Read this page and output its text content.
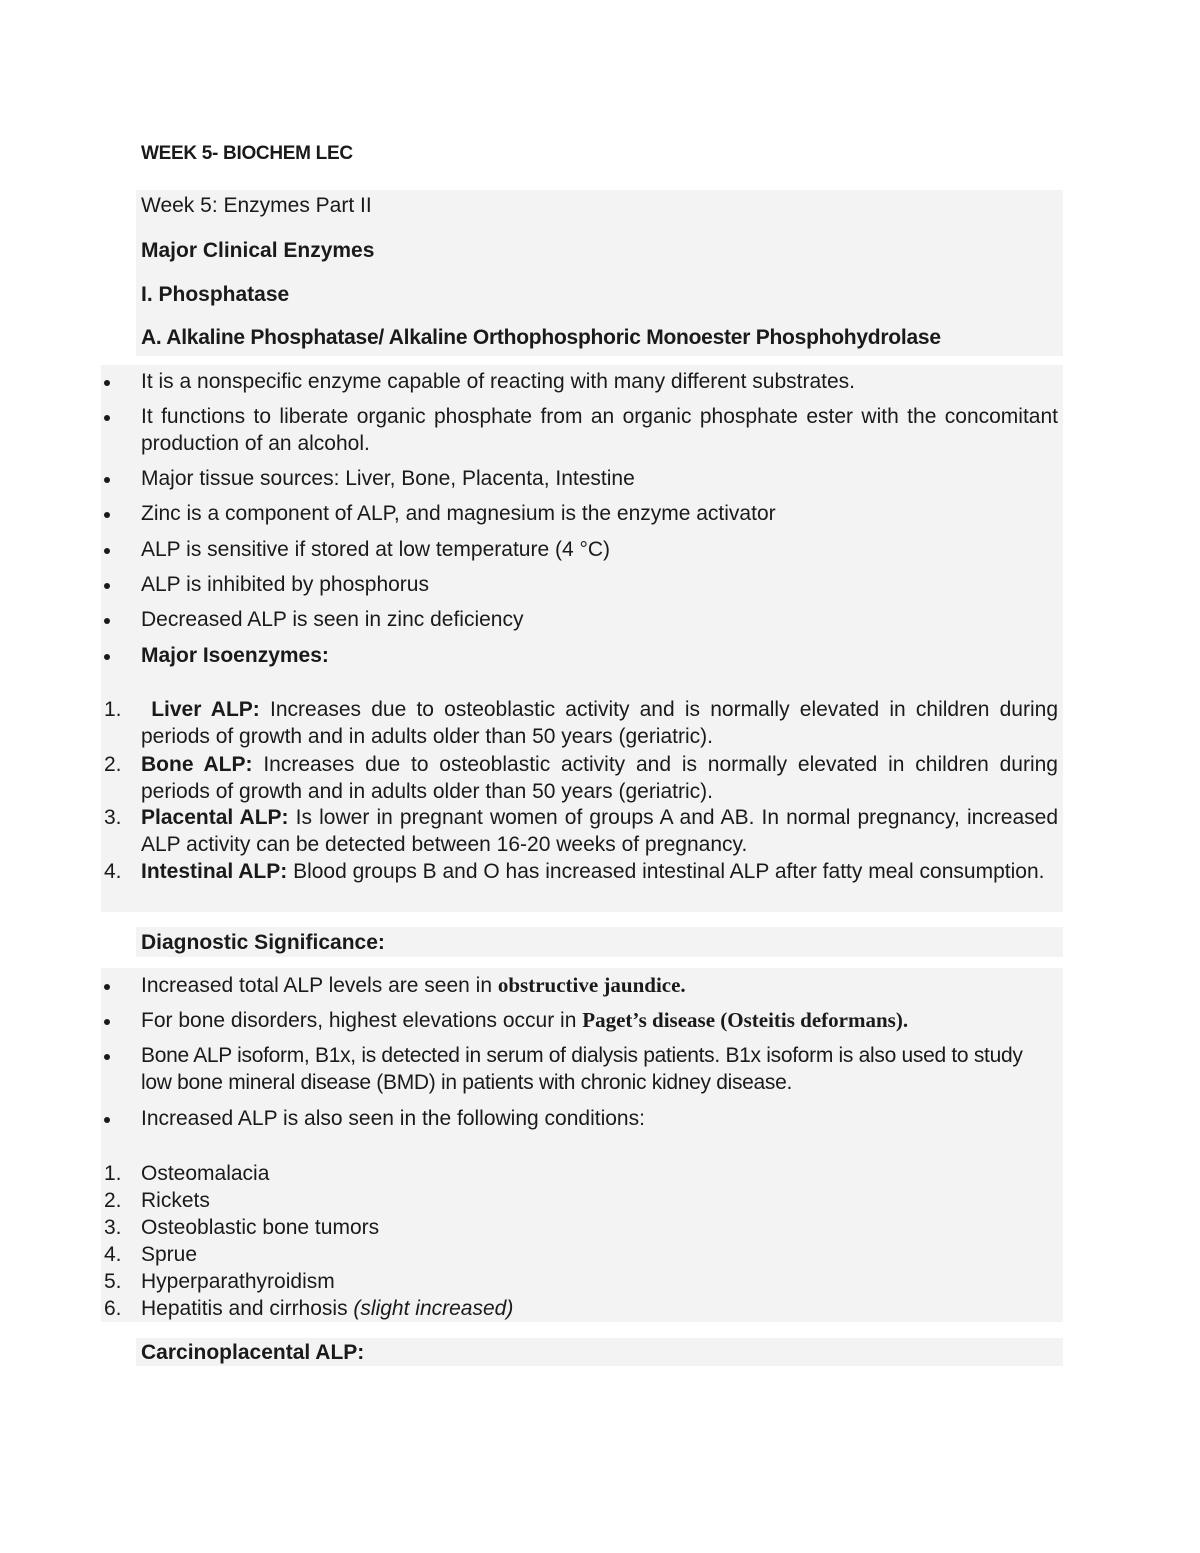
WEEK 5- BIOCHEM LEC
Week 5: Enzymes Part II
Major Clinical Enzymes
I. Phosphatase
A. Alkaline Phosphatase/ Alkaline Orthophosphoric Monoester Phosphohydrolase
It is a nonspecific enzyme capable of reacting with many different substrates.
It functions to liberate organic phosphate from an organic phosphate ester with the concomitant production of an alcohol.
Major tissue sources: Liver, Bone, Placenta, Intestine
Zinc is a component of ALP, and magnesium is the enzyme activator
ALP is sensitive if stored at low temperature (4 °C)
ALP is inhibited by phosphorus
Decreased ALP is seen in zinc deficiency
Major Isoenzymes:
1.	Liver ALP: Increases due to osteoblastic activity and is normally elevated in children during periods of growth and in adults older than 50 years (geriatric).
2. Bone ALP: Increases due to osteoblastic activity and is normally elevated in children during periods of growth and in adults older than 50 years (geriatric).
3. Placental ALP: Is lower in pregnant women of groups A and AB. In normal pregnancy, increased ALP activity can be detected between 16-20 weeks of pregnancy.
4. Intestinal ALP: Blood groups B and O has increased intestinal ALP after fatty meal consumption.
Diagnostic Significance:
Increased total ALP levels are seen in obstructive jaundice.
For bone disorders, highest elevations occur in Paget’s disease (Osteitis deformans).
Bone ALP isoform, B1x, is detected in serum of dialysis patients. B1x isoform is also used to study low bone mineral disease (BMD) in patients with chronic kidney disease.
Increased ALP is also seen in the following conditions:
1. Osteomalacia
2. Rickets
3. Osteoblastic bone tumors
4. Sprue
5. Hyperparathyroidism
6. Hepatitis and cirrhosis (slight increased)
Carcinoplacental ALP:
